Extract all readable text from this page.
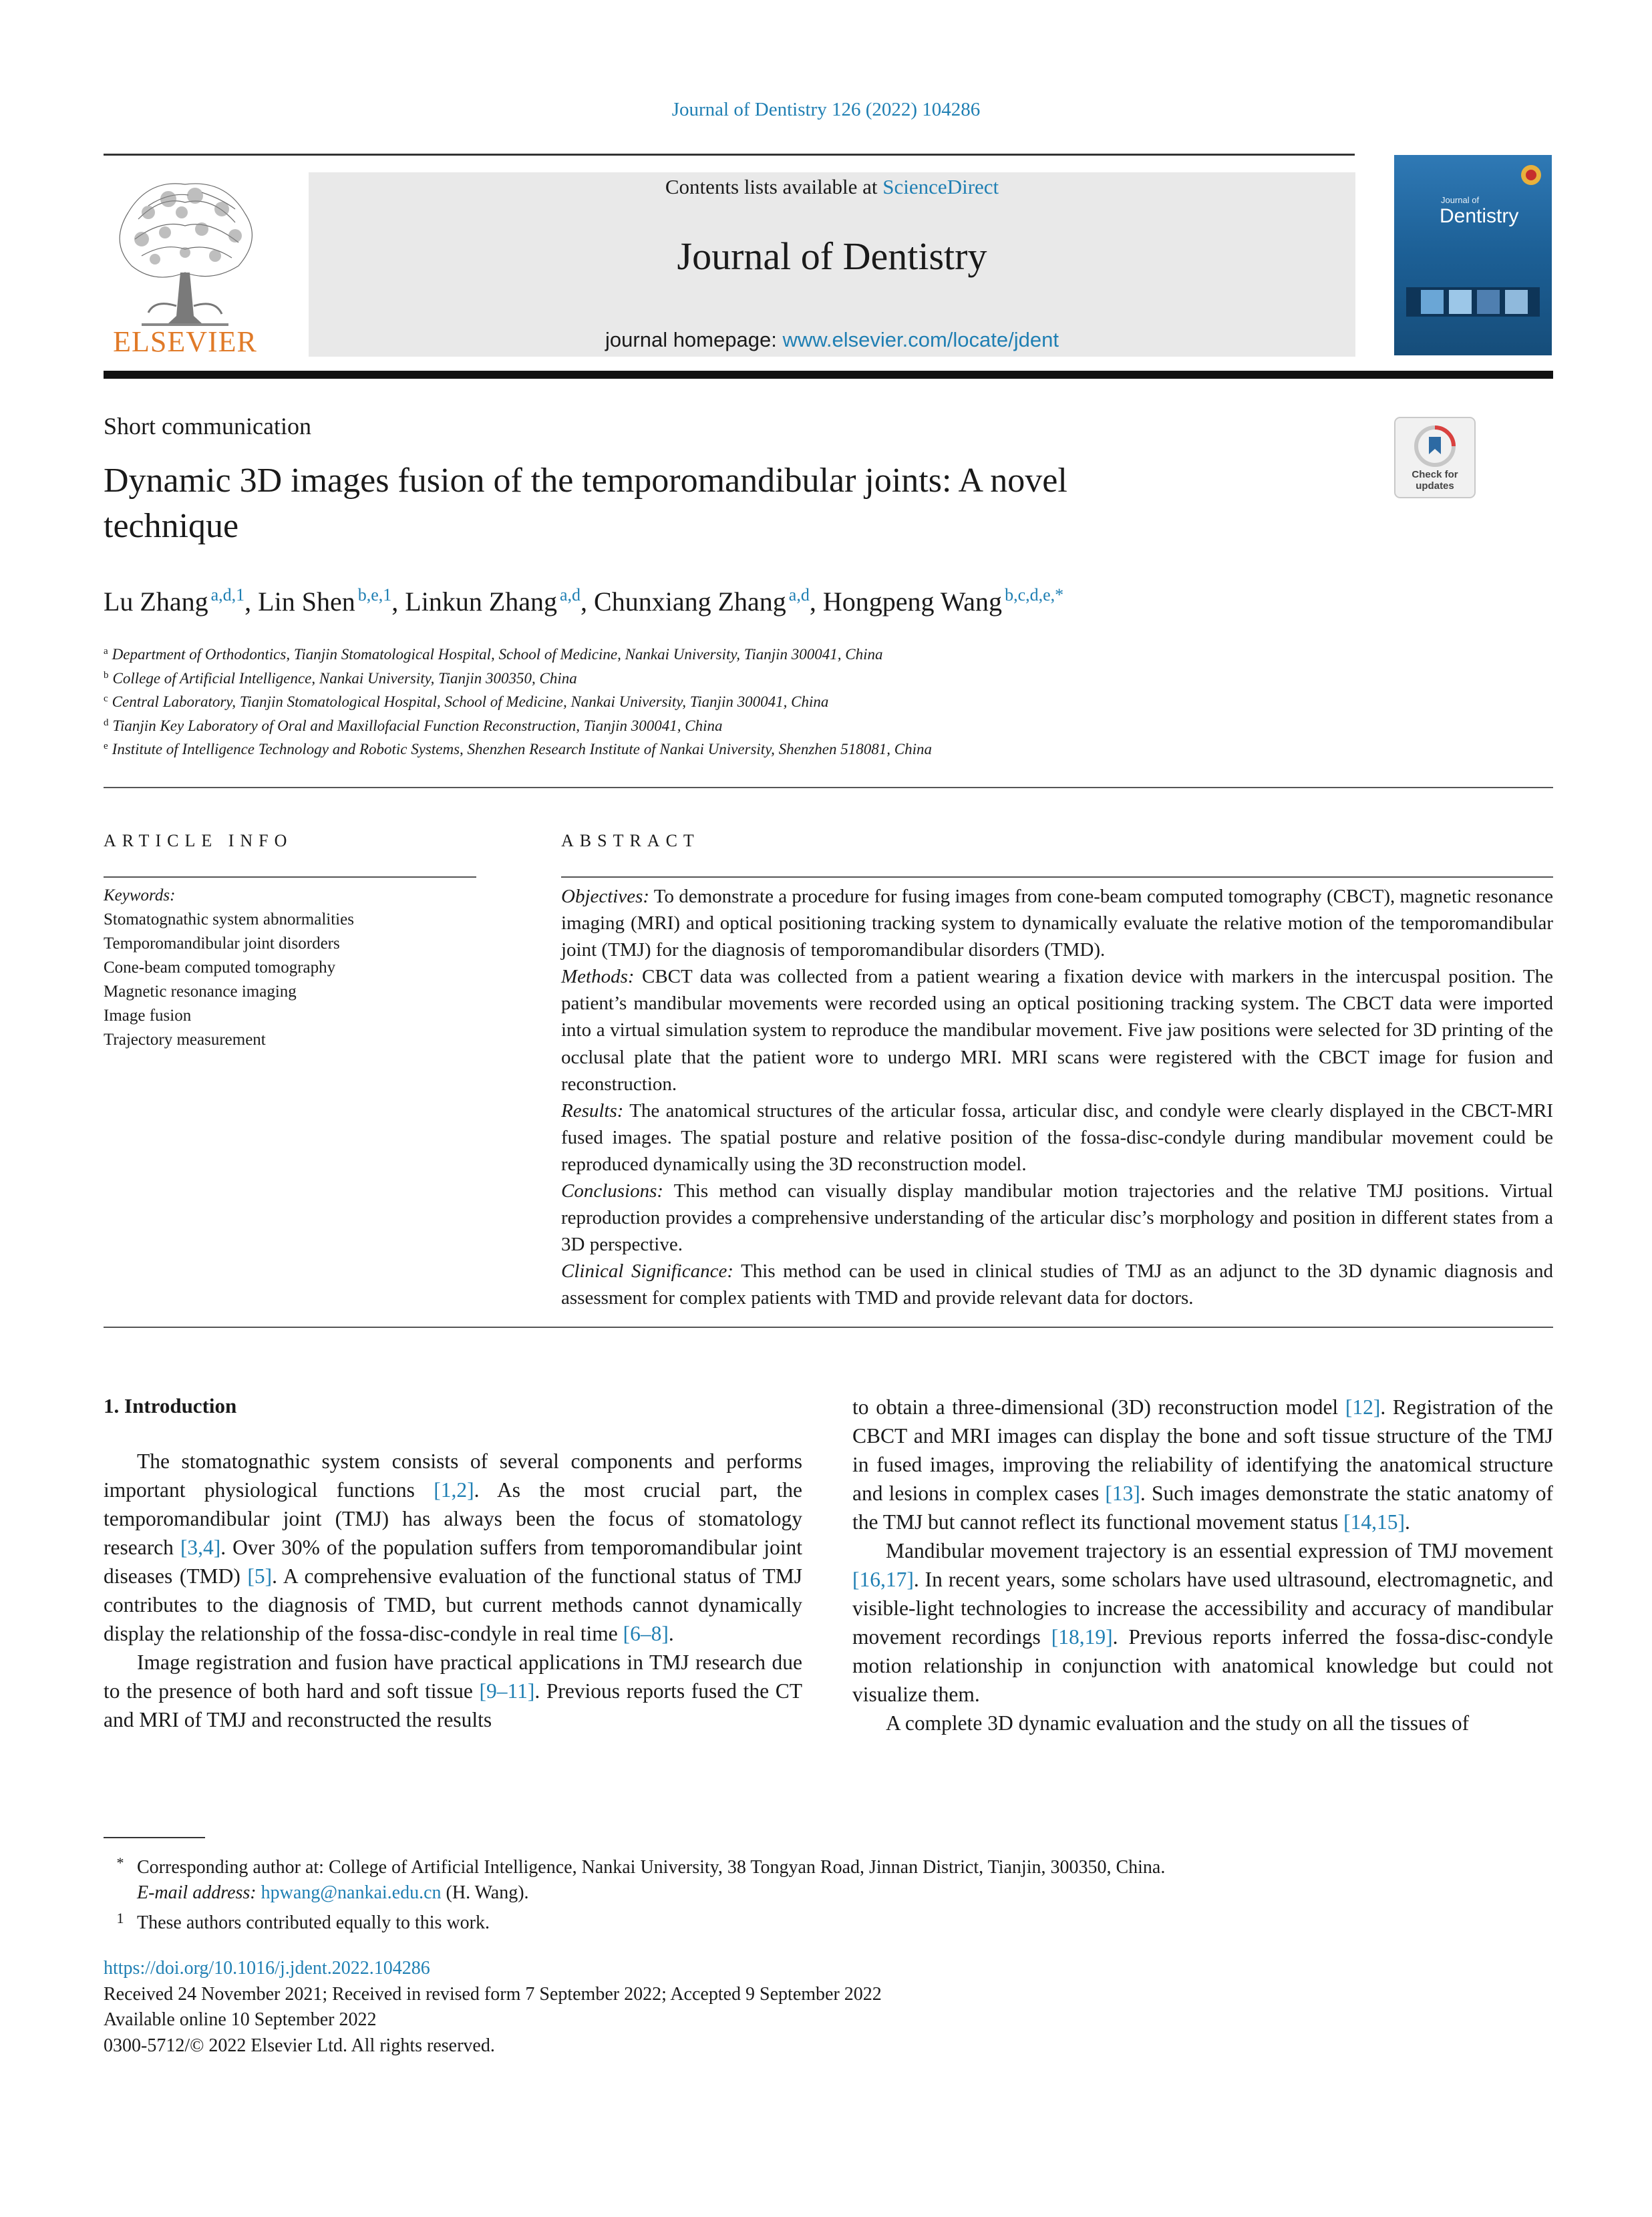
Journal of Dentistry 126 (2022) 104286
ELSEVIER
Contents lists available at ScienceDirect
Journal of Dentistry
journal homepage: www.elsevier.com/locate/jdent
Journal of
Dentistry
Short communication
Check for updates
Dynamic 3D images fusion of the temporomandibular joints: A novel technique
Lu Zhang $^{a,d,1}$, Lin Shen $^{b,e,1}$, Linkun Zhang $^{a,d}$, Chunxiang Zhang $^{a,d}$, Hongpeng Wang $^{b,c,d,e,*}$
$^a$ Department of Orthodontics, Tianjin Stomatological Hospital, School of Medicine, Nankai University, Tianjin 300041, China
$^b$ College of Artificial Intelligence, Nankai University, Tianjin 300350, China
$^c$ Central Laboratory, Tianjin Stomatological Hospital, School of Medicine, Nankai University, Tianjin 300041, China
$^d$ Tianjin Key Laboratory of Oral and Maxillofacial Function Reconstruction, Tianjin 300041, China
$^e$ Institute of Intelligence Technology and Robotic Systems, Shenzhen Research Institute of Nankai University, Shenzhen 518081, China
ARTICLE INFO
Keywords:
Stomatognathic system abnormalities
Temporomandibular joint disorders
Cone-beam computed tomography
Magnetic resonance imaging
Image fusion
Trajectory measurement
ABSTRACT

Objectives: To demonstrate a procedure for fusing images from cone-beam computed tomography (CBCT), magnetic resonance imaging (MRI) and optical positioning tracking system to dynamically evaluate the relative motion of the temporomandibular joint (TMJ) for the diagnosis of temporomandibular disorders (TMD).

Methods: CBCT data was collected from a patient wearing a fixation device with markers in the intercuspal position. The patient’s mandibular movements were recorded using an optical positioning tracking system. The CBCT data were imported into a virtual simulation system to reproduce the mandibular movement. Five jaw positions were selected for 3D printing of the occlusal plate that the patient wore to undergo MRI. MRI scans were registered with the CBCT image for fusion and reconstruction.

Results: The anatomical structures of the articular fossa, articular disc, and condyle were clearly displayed in the CBCT-MRI fused images. The spatial posture and relative position of the fossa-disc-condyle during mandibular movement could be reproduced dynamically using the 3D reconstruction model.

Conclusions: This method can visually display mandibular motion trajectories and the relative TMJ positions. Virtual reproduction provides a comprehensive understanding of the articular disc’s morphology and position in different states from a 3D perspective.

Clinical Significance: This method can be used in clinical studies of TMJ as an adjunct to the 3D dynamic diagnosis and assessment for complex patients with TMD and provide relevant data for doctors.

1. Introduction

The stomatognathic system consists of several components and performs important physiological functions [1,2]. As the most crucial part, the temporomandibular joint (TMJ) has always been the focus of stomatology research [3,4]. Over 30% of the population suffers from temporomandibular joint diseases (TMD) [5]. A comprehensive evaluation of the functional status of TMJ contributes to the diagnosis of TMD, but current methods cannot dynamically display the relationship of the fossa-disc-condyle in real time [6–8].

Image registration and fusion have practical applications in TMJ research due to the presence of both hard and soft tissue [9–11]. Previous reports fused the CT and MRI of TMJ and reconstructed the results

to obtain a three-dimensional (3D) reconstruction model [12]. Registration of the CBCT and MRI images can display the bone and soft tissue structure of the TMJ in fused images, improving the reliability of identifying the anatomical structure and lesions in complex cases [13]. Such images demonstrate the static anatomy of the TMJ but cannot reflect its functional movement status [14,15].

Mandibular movement trajectory is an essential expression of TMJ movement [16,17]. In recent years, some scholars have used ultrasound, electromagnetic, and visible-light technologies to increase the accessibility and accuracy of mandibular movement recordings [18,19]. Previous reports inferred the fossa-disc-condyle motion relationship in conjunction with anatomical knowledge but could not visualize them.

A complete 3D dynamic evaluation and the study on all the tissues of

* Corresponding author at: College of Artificial Intelligence, Nankai University, 38 Tongyan Road, Jinnan District, Tianjin, 300350, China.
E-mail address: hpwang@nankai.edu.cn (H. Wang).
1 These authors contributed equally to this work.
https://doi.org/10.1016/j.jdent.2022.104286
Received 24 November 2021; Received in revised form 7 September 2022; Accepted 9 September 2022
Available online 10 September 2022
0300-5712/© 2022 Elsevier Ltd. All rights reserved.
